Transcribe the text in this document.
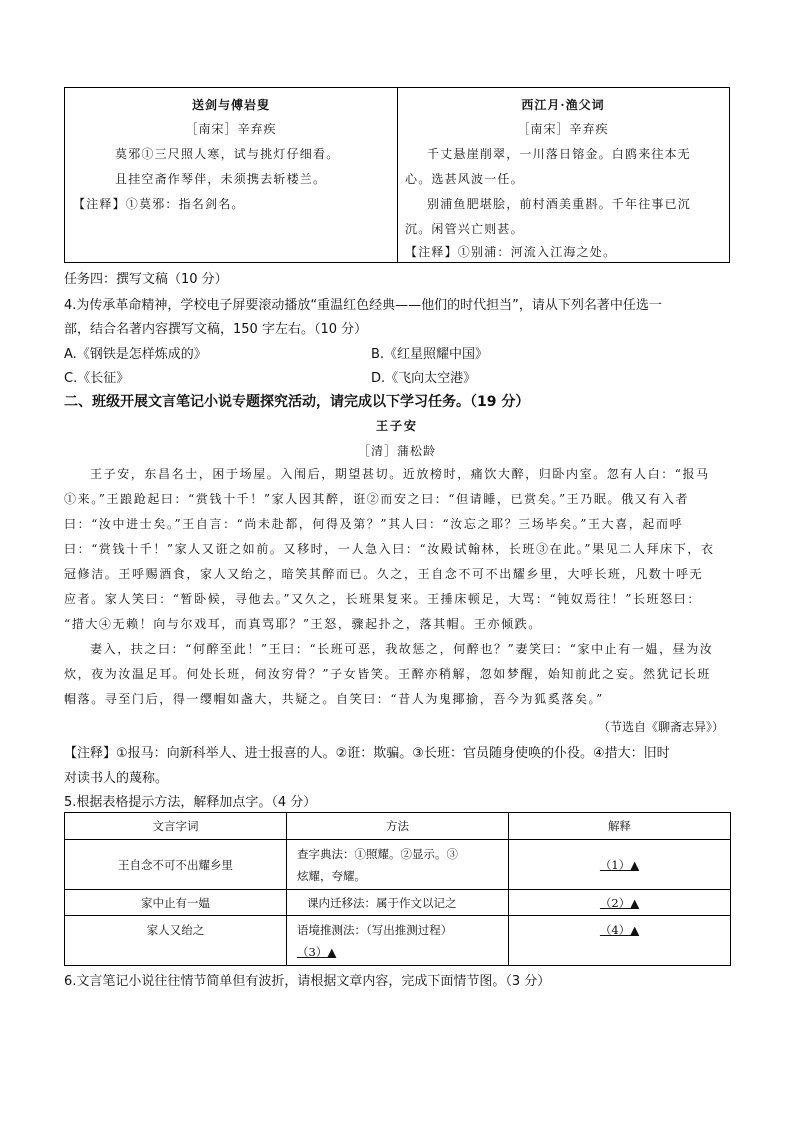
送剑与傅岩叟
［南宋］辛弃疾
莫邪①三尺照人寒，试与挑灯仔细看。
且挂空斋作琴伴，未须携去斩楼兰。
【注释】①莫邪：指名剑名。
西江月·渔父词
［南宋］辛弃疾
千丈悬崖削翠，一川落日镕金。白鸥来往本无
心。选甚风波一任。
别浦鱼肥堪脍，前村酒美重斟。千年往事已沉
沉。闲管兴亡则甚。
【注释】①别浦：河流入江海之处。
任务四：撰写文稿（10 分）
4.为传承革命精神，学校电子屏要滚动播放“重温红色经典——他们的时代担当”，请从下列名著中任选一
部，结合名著内容撰写文稿，150 字左右。（10 分）
A.《钢铁是怎样炼成的》	B.《红星照耀中国》
C.《长征》	D.《飞向太空港》
二、班级开展文言笔记小说专题探究活动，请完成以下学习任务。（19 分）
王子安
［清］蒲松龄
王子安，东昌名士，困于场屋。入闱后，期望甚切。近放榜时，痛饮大醉，归卧内室。忽有人白：“报马
①来。”王踉跄起曰：“赏钱十千！”家人因其醉，诳②而安之曰：“但请睡，已赏矣。”王乃眠。俄又有入者
曰：“汝中进士矣。”王自言：“尚未赴都，何得及第？”其人曰：“汝忘之耶？三场毕矣。”王大喜，起而呼
曰：“赏钱十千！”家人又诳之如前。又移时，一人急入曰：“汝殿试翰林，长班③在此。”果见二人拜床下，衣
冠修洁。王呼赐酒食，家人又绐之，暗笑其醉而已。久之，王自念不可不出耀乡里，大呼长班，凡数十呼无
应者。家人笑曰：“暂卧候，寻他去。”又久之，长班果复来。王捶床顿足，大骂：“钝奴焉往！”长班怒曰：
“措大④无赖！向与尔戏耳，而真骂耶？”王怒，骤起扑之，落其帽。王亦倾跌。
妻入，扶之曰：“何醉至此！”王曰：“长班可恶，我故惩之，何醉也？”妻笑曰：“家中止有一媪，昼为汝
炊，夜为汝温足耳。何处长班，伺汝穷骨？”子女皆笑。王醉亦稍解，忽如梦醒，始知前此之妄。然犹记长班
帽落。寻至门后，得一缨帽如盏大，共疑之。自笑曰：“昔人为鬼揶揄，吾今为狐奚落矣。”
（节选自《聊斋志异》）
【注释】①报马：向新科举人、进士报喜的人。②诳：欺骗。③长班：官员随身使唤的仆役。④措大：旧时
对读书人的蔑称。
5.根据表格提示方法，解释加点字。（4 分）
文言字词	方法	解释
王自念不可不出耀乡里	查字典法：①照耀。②显示。③
炫耀，夸耀。	（1）▲
家中止有一媪	课内迁移法：属于作文以记之	（2）▲
家人又绐之	语境推测法：（写出推测过程）
（3）▲	（4）▲
6.文言笔记小说往往情节简单但有波折，请根据文章内容，完成下面情节图。（3 分）
